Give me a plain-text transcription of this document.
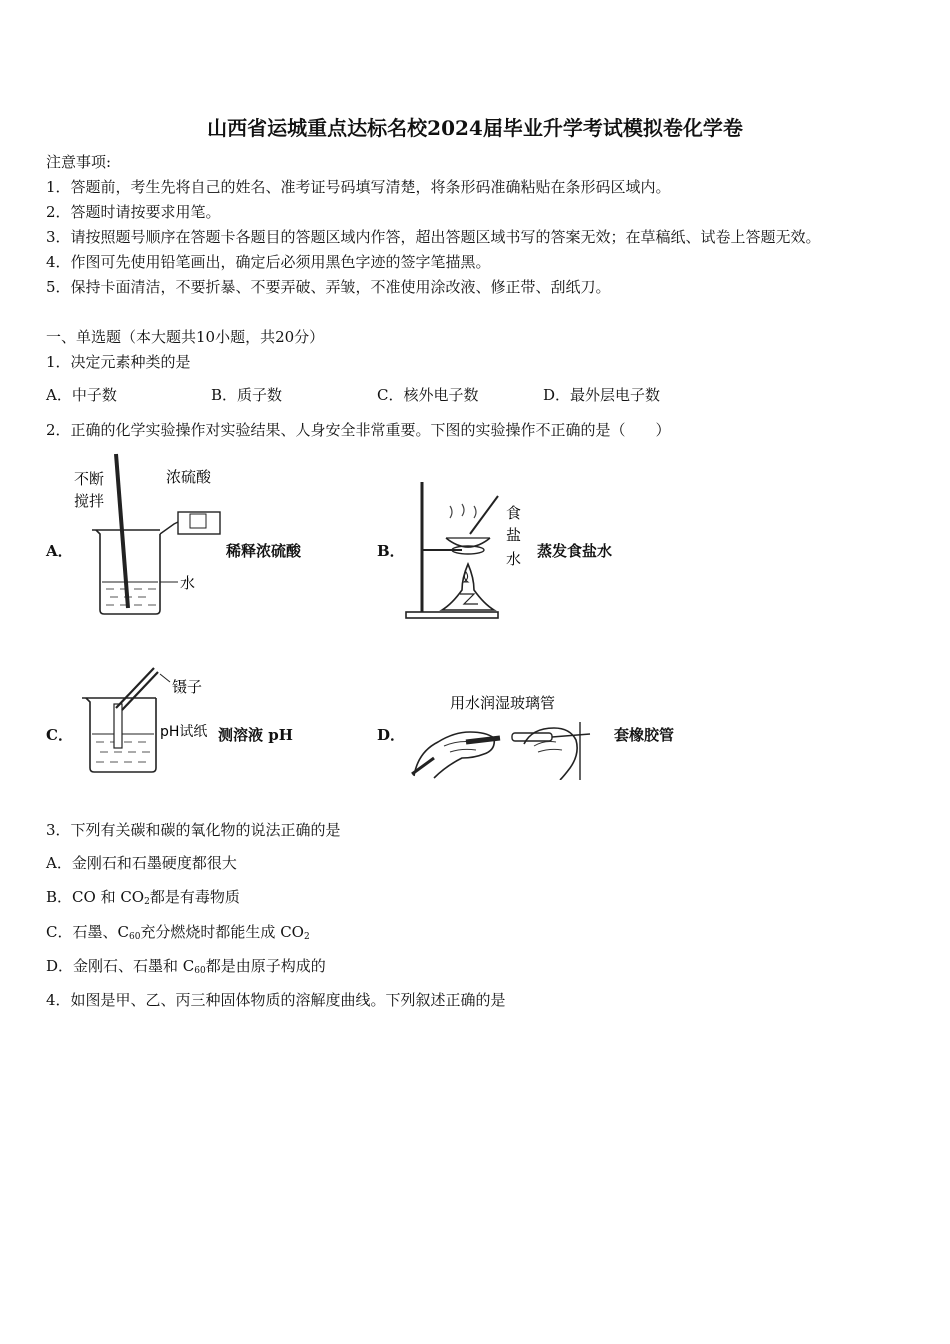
山西省运城重点达标名校2024届毕业升学考试模拟卷化学卷
注意事项:
1．答题前，考生先将自己的姓名、准考证号码填写清楚，将条形码准确粘贴在条形码区域内。
2．答题时请按要求用笔。
3．请按照题号顺序在答题卡各题目的答题区域内作答，超出答题区域书写的答案无效；在草稿纸、试卷上答题无效。
4．作图可先使用铅笔画出，确定后必须用黑色字迹的签字笔描黑。
5．保持卡面清洁，不要折暴、不要弄破、弄皱，不准使用涂改液、修正带、刮纸刀。
一、单选题（本大题共10小题，共20分）
1．决定元素种类的是
A．中子数	B．质子数	C．核外电子数	D．最外层电子数
2．正确的化学实验操作对实验结果、人身安全非常重要。下图的实验操作不正确的是（　　）
A．
不断
搅拌
浓硫酸
水
稀释浓硫酸	B．
食
盐
水 蒸发食盐水
C．
镊子
pH试纸 测溶液 pH	D．
用水润湿玻璃管
套橡胶管
3．下列有关碳和碳的氧化物的说法正确的是
A．金刚石和石墨硬度都很大
B．CO 和 $CO_2$都是有毒物质
C．石墨、$C_{60}$充分燃烧时都能生成 $CO_2$
D．金刚石、石墨和 $C_{60}$都是由原子构成的
4．如图是甲、乙、丙三种固体物质的溶解度曲线。下列叙述正确的是
